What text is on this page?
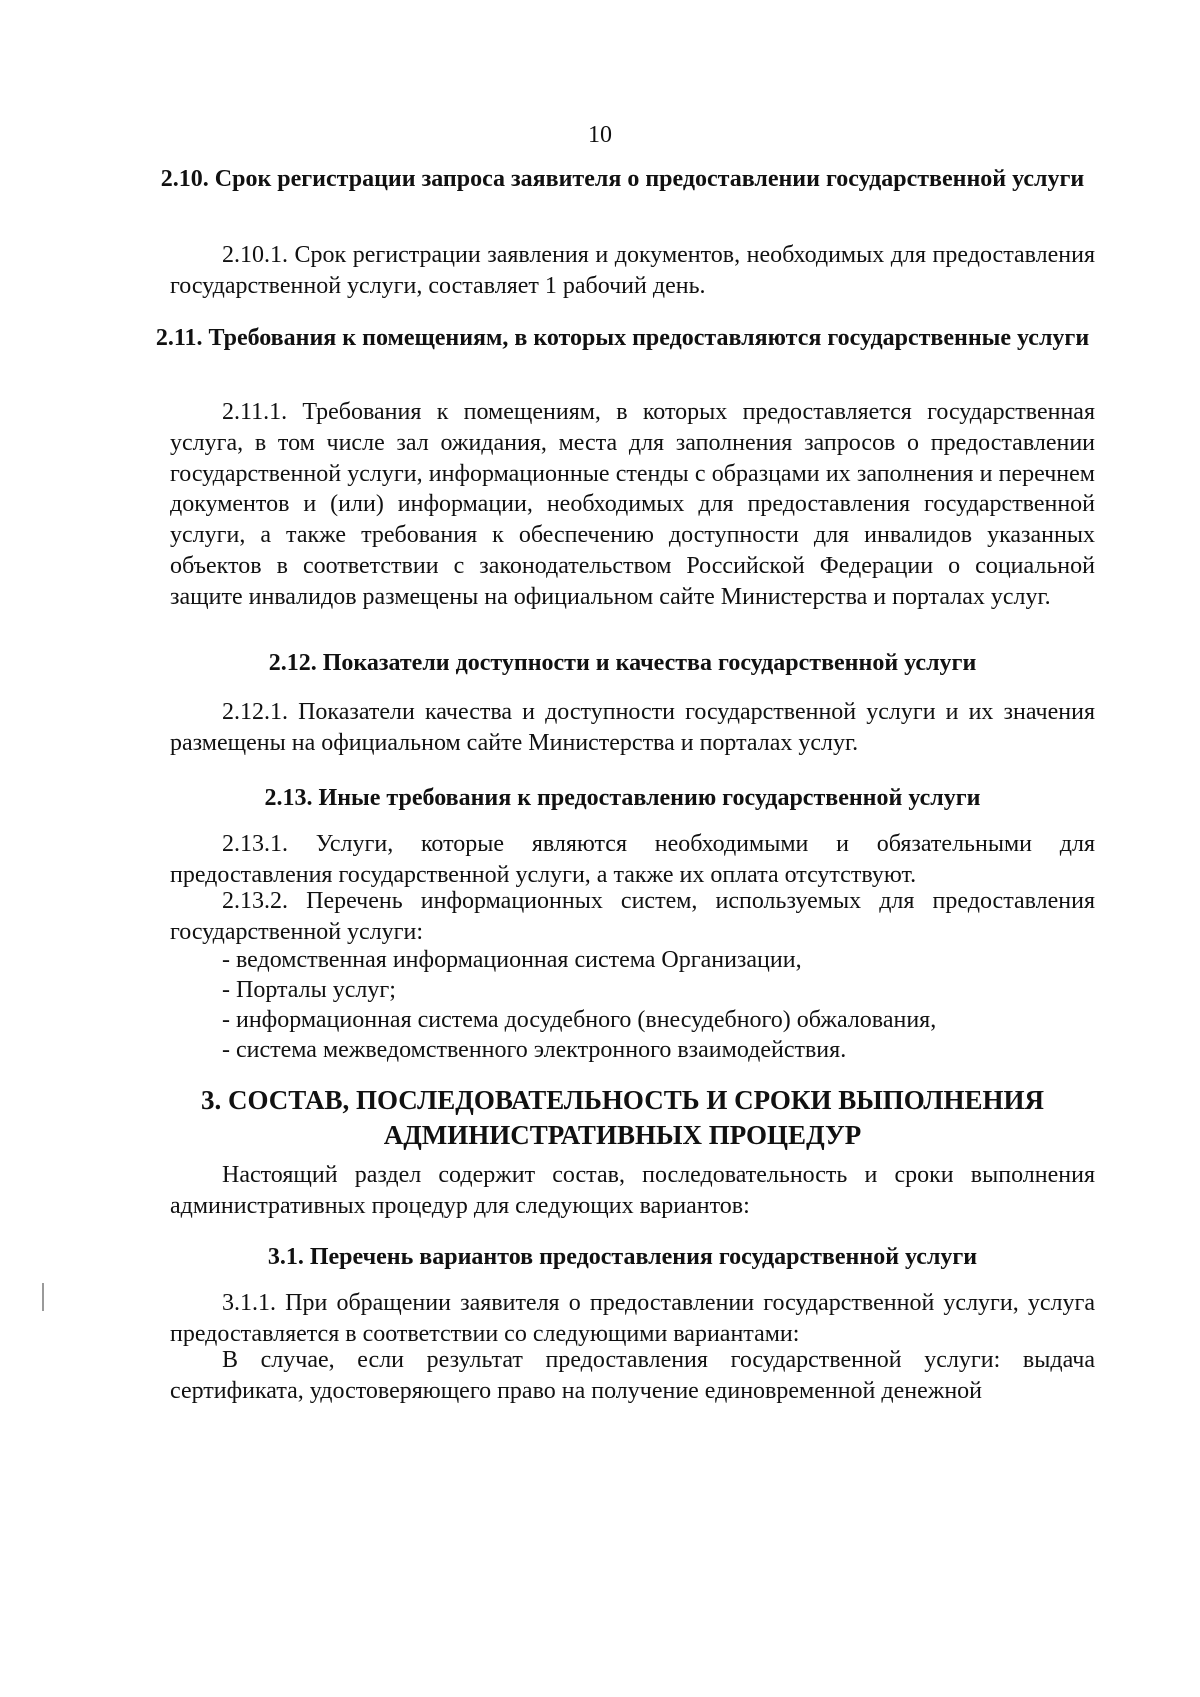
10
2.10. Срок регистрации запроса заявителя о предоставлении государственной услуги

2.10.1. Срок регистрации заявления и документов, необходимых для предоставления государственной услуги, составляет 1 рабочий день.

2.11. Требования к помещениям, в которых предоставляются государственные услуги

2.11.1. Требования к помещениям, в которых предоставляется государственная услуга, в том числе зал ожидания, места для заполнения запросов о предоставлении государственной услуги, информационные стенды с образцами их заполнения и перечнем документов и (или) информации, необходимых для предоставления государственной услуги, а также требования к обеспечению доступности для инвалидов указанных объектов в соответствии с законодательством Российской Федерации о социальной защите инвалидов размещены на официальном сайте Министерства и порталах услуг.

2.12. Показатели доступности и качества государственной услуги

2.12.1. Показатели качества и доступности государственной услуги и их значения размещены на официальном сайте Министерства и порталах услуг.

2.13. Иные требования к предоставлению государственной услуги

2.13.1. Услуги, которые являются необходимыми и обязательными для предоставления государственной услуги, а также их оплата отсутствуют.

2.13.2. Перечень информационных систем, используемых для предоставления государственной услуги:

- ведомственная информационная система Организации,
- Порталы услуг;
- информационная система досудебного (внесудебного) обжалования,
- система межведомственного электронного взаимодействия.
3. СОСТАВ, ПОСЛЕДОВАТЕЛЬНОСТЬ И СРОКИ ВЫПОЛНЕНИЯ АДМИНИСТРАТИВНЫХ ПРОЦЕДУР

Настоящий раздел содержит состав, последовательность и сроки выполнения административных процедур для следующих вариантов:

3.1. Перечень вариантов предоставления государственной услуги

3.1.1. При обращении заявителя о предоставлении государственной услуги, услуга предоставляется в соответствии со следующими вариантами:

В случае, если результат предоставления государственной услуги: выдача сертификата, удостоверяющего право на получение единовременной денежной
